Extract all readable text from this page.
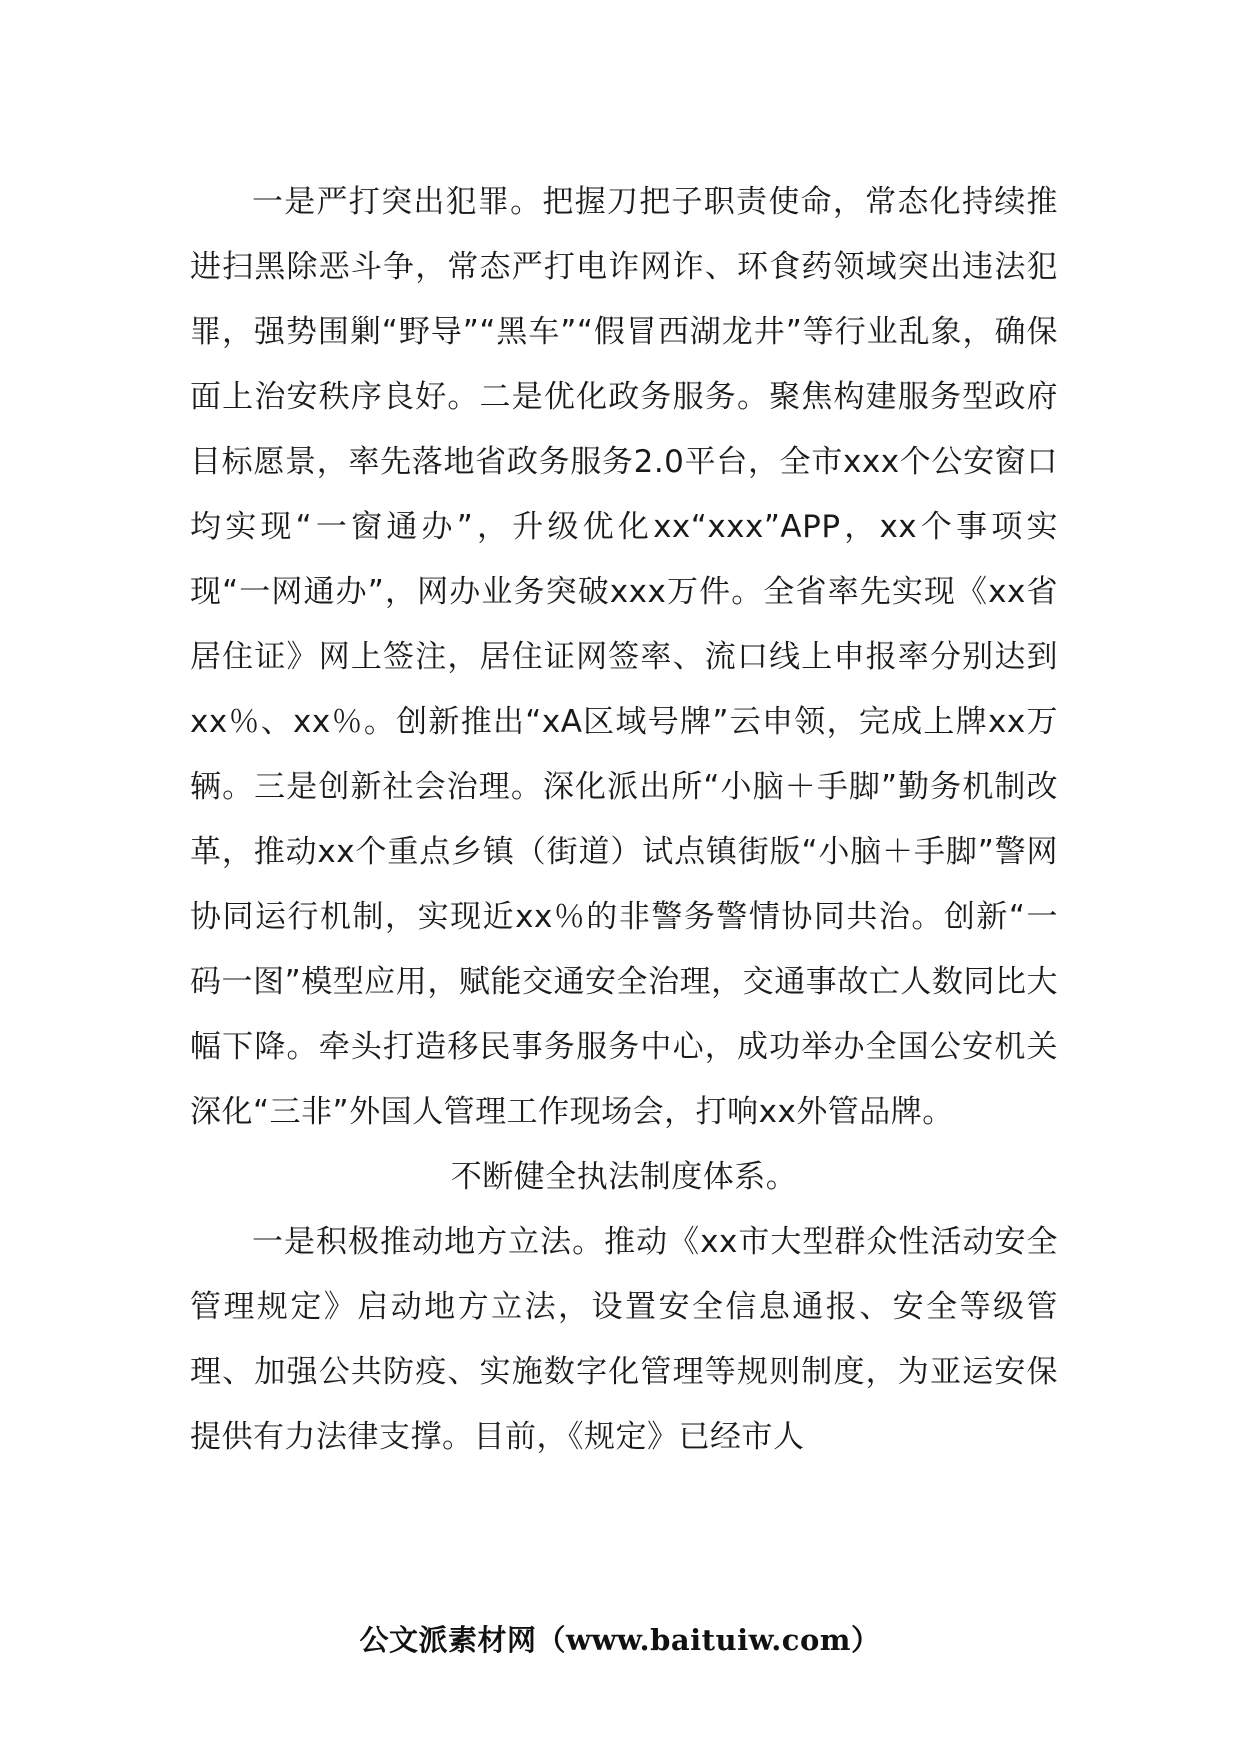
一是严打突出犯罪。把握刀把子职责使命，常态化持续推进扫黑除恶斗争，常态严打电诈网诈、环食药领域突出违法犯罪，强势围剿“野导”“黑车”“假冒西湖龙井”等行业乱象，确保面上治安秩序良好。二是优化政务服务。聚焦构建服务型政府目标愿景，率先落地省政务服务2.0平台，全市xxx个公安窗口均实现“一窗通办”，升级优化xx“xxx”APP，xx个事项实现“一网通办”，网办业务突破xxx万件。全省率先实现《xx省居住证》网上签注，居住证网签率、流口线上申报率分别达到xx％、xx％。创新推出“xA区域号牌”云申领，完成上牌xx万辆。三是创新社会治理。深化派出所“小脑＋手脚”勤务机制改革，推动xx个重点乡镇（街道）试点镇街版“小脑＋手脚”警网协同运行机制，实现近xx％的非警务警情协同共治。创新“一码一图”模型应用，赋能交通安全治理，交通事故亡人数同比大幅下降。牵头打造移民事务服务中心，成功举办全国公安机关深化“三非”外国人管理工作现场会，打响xx外管品牌。

不断健全执法制度体系。

一是积极推动地方立法。推动《xx市大型群众性活动安全管理规定》启动地方立法，设置安全信息通报、安全等级管理、加强公共防疫、实施数字化管理等规则制度，为亚运安保提供有力法律支撑。目前，《规定》已经市人

公文派素材网（www.baituiw.com）
